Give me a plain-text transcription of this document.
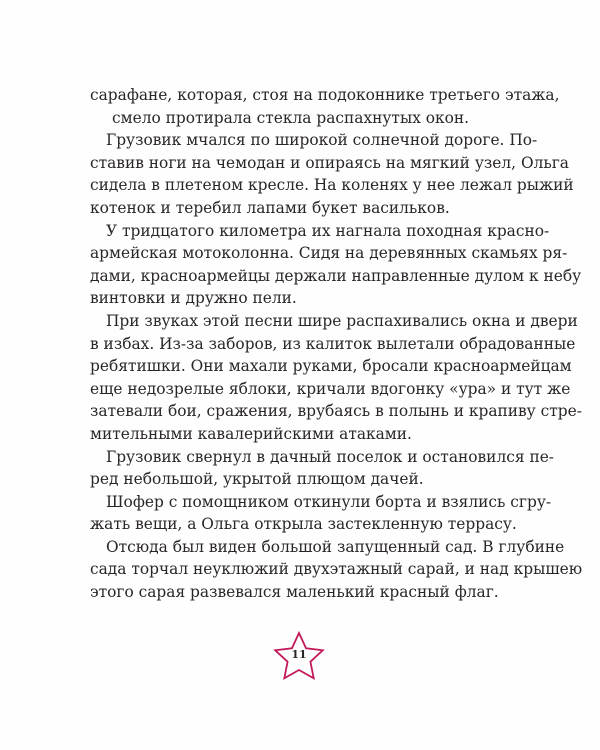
сарафане, которая, стоя на подоконнике третьего этажа,
смело протирала стекла распахнутых окон.
Грузовик мчался по широкой солнечной дороге. По-
ставив ноги на чемодан и опираясь на мягкий узел, Ольга
сидела в плетеном кресле. На коленях у нее лежал рыжий
котенок и теребил лапами букет васильков.
У тридцатого километра их нагнала походная красно-
армейская мотоколонна. Сидя на деревянных скамьях ря-
дами, красноармейцы держали направленные дулом к небу
винтовки и дружно пели.
При звуках этой песни шире распахивались окна и двери
в избах. Из-за заборов, из калиток вылетали обрадованные
ребятишки. Они махали руками, бросали красноармейцам
еще недозрелые яблоки, кричали вдогонку «ура» и тут же
затевали бои, сражения, врубаясь в полынь и крапиву стре-
мительными кавалерийскими атаками.
Грузовик свернул в дачный поселок и остановился пе-
ред небольшой, укрытой плющом дачей.
Шофер с помощником откинули борта и взялись сгру-
жать вещи, а Ольга открыла застекленную террасу.
Отсюда был виден большой запущенный сад. В глубине
сада торчал неуклюжий двухэтажный сарай, и над крышею
этого сарая развевался маленький красный флаг.
11
